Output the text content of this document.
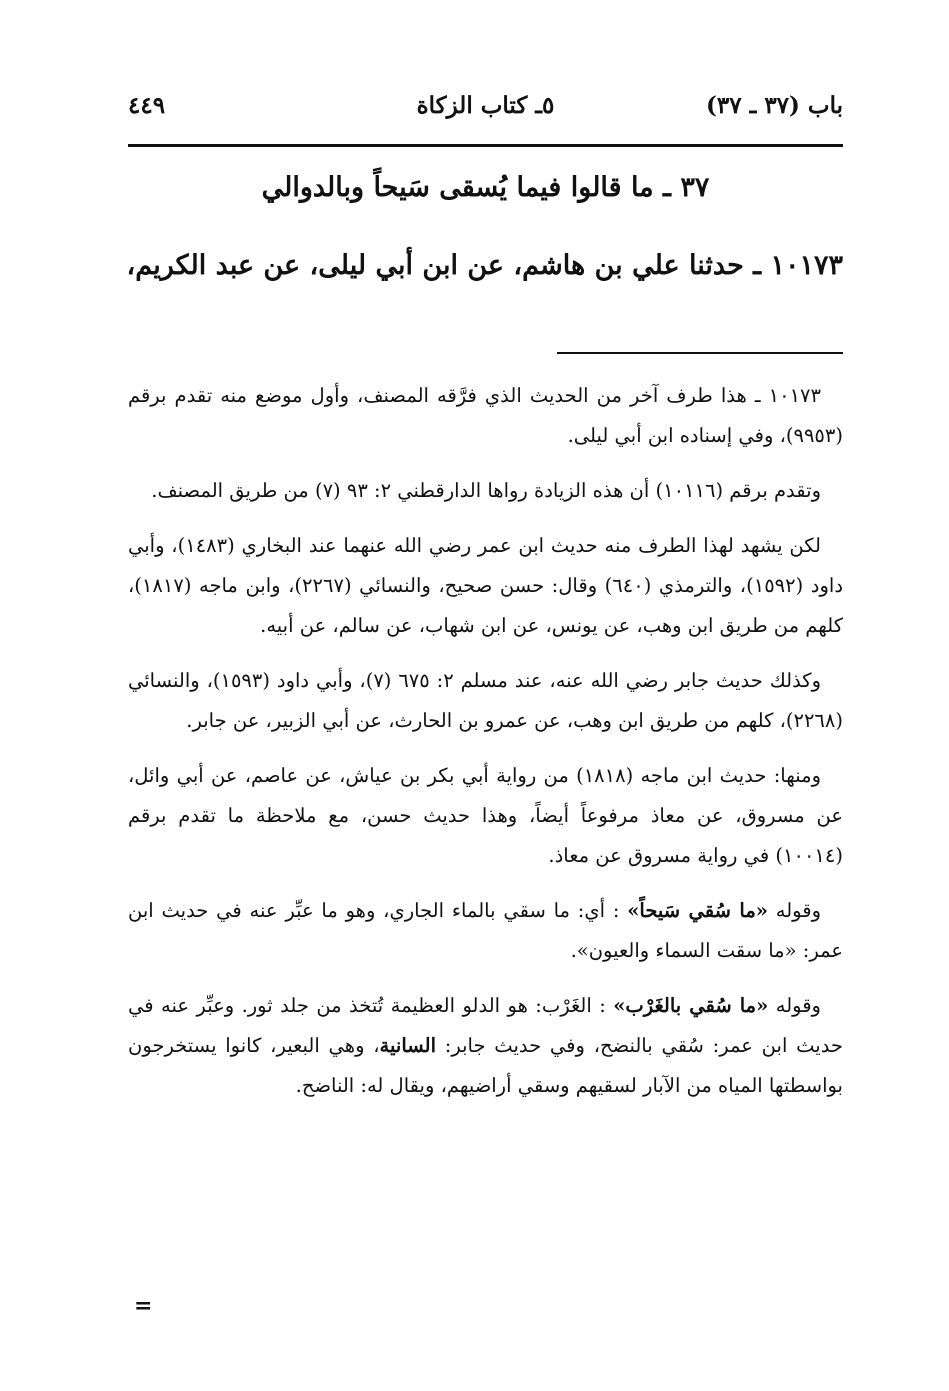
باب (٣٧ ـ ٣٧)
٥ـ كتاب الزكاة
٤٤٩
٣٧ ـ ما قالوا فيما يُسقى سَيحاً وبالدوالي
١٠١٧٣ ـ حدثنا علي بن هاشم، عن ابن أبي ليلى، عن عبد الكريم،

١٠١٧٣ ـ هذا طرف آخر من الحديث الذي فرَّقه المصنف، وأول موضع منه تقدم برقم (٩٩٥٣)، وفي إسناده ابن أبي ليلى.

وتقدم برقم (١٠١١٦) أن هذه الزيادة رواها الدارقطني ٢: ٩٣ (٧) من طريق المصنف.

لكن يشهد لهذا الطرف منه حديث ابن عمر رضي الله عنهما عند البخاري (١٤٨٣)، وأبي داود (١٥٩٢)، والترمذي (٦٤٠) وقال: حسن صحيح، والنسائي (٢٢٦٧)، وابن ماجه (١٨١٧)، كلهم من طريق ابن وهب، عن يونس، عن ابن شهاب، عن سالم، عن أبيه.

وكذلك حديث جابر رضي الله عنه، عند مسلم ٢: ٦٧٥ (٧)، وأبي داود (١٥٩٣)، والنسائي (٢٢٦٨)، كلهم من طريق ابن وهب، عن عمرو بن الحارث، عن أبي الزبير، عن جابر.

ومنها: حديث ابن ماجه (١٨١٨) من رواية أبي بكر بن عياش، عن عاصم، عن أبي وائل، عن مسروق، عن معاذ مرفوعاً أيضاً، وهذا حديث حسن، مع ملاحظة ما تقدم برقم (١٠٠١٤) في رواية مسروق عن معاذ.

وقوله «ما سُقي سَيحاً» : أي: ما سقي بالماء الجاري، وهو ما عبِّر عنه في حديث ابن عمر: «ما سقت السماء والعيون».

وقوله «ما سُقي بالغَرْب» : الغَرْب: هو الدلو العظيمة تُتخذ من جلد ثور. وعبِّر عنه في حديث ابن عمر: سُقي بالنضح، وفي حديث جابر: السانية، وهي البعير، كانوا يستخرجون بواسطتها المياه من الآبار لسقيهم وسقي أراضيهم، ويقال له: الناضح.

=
